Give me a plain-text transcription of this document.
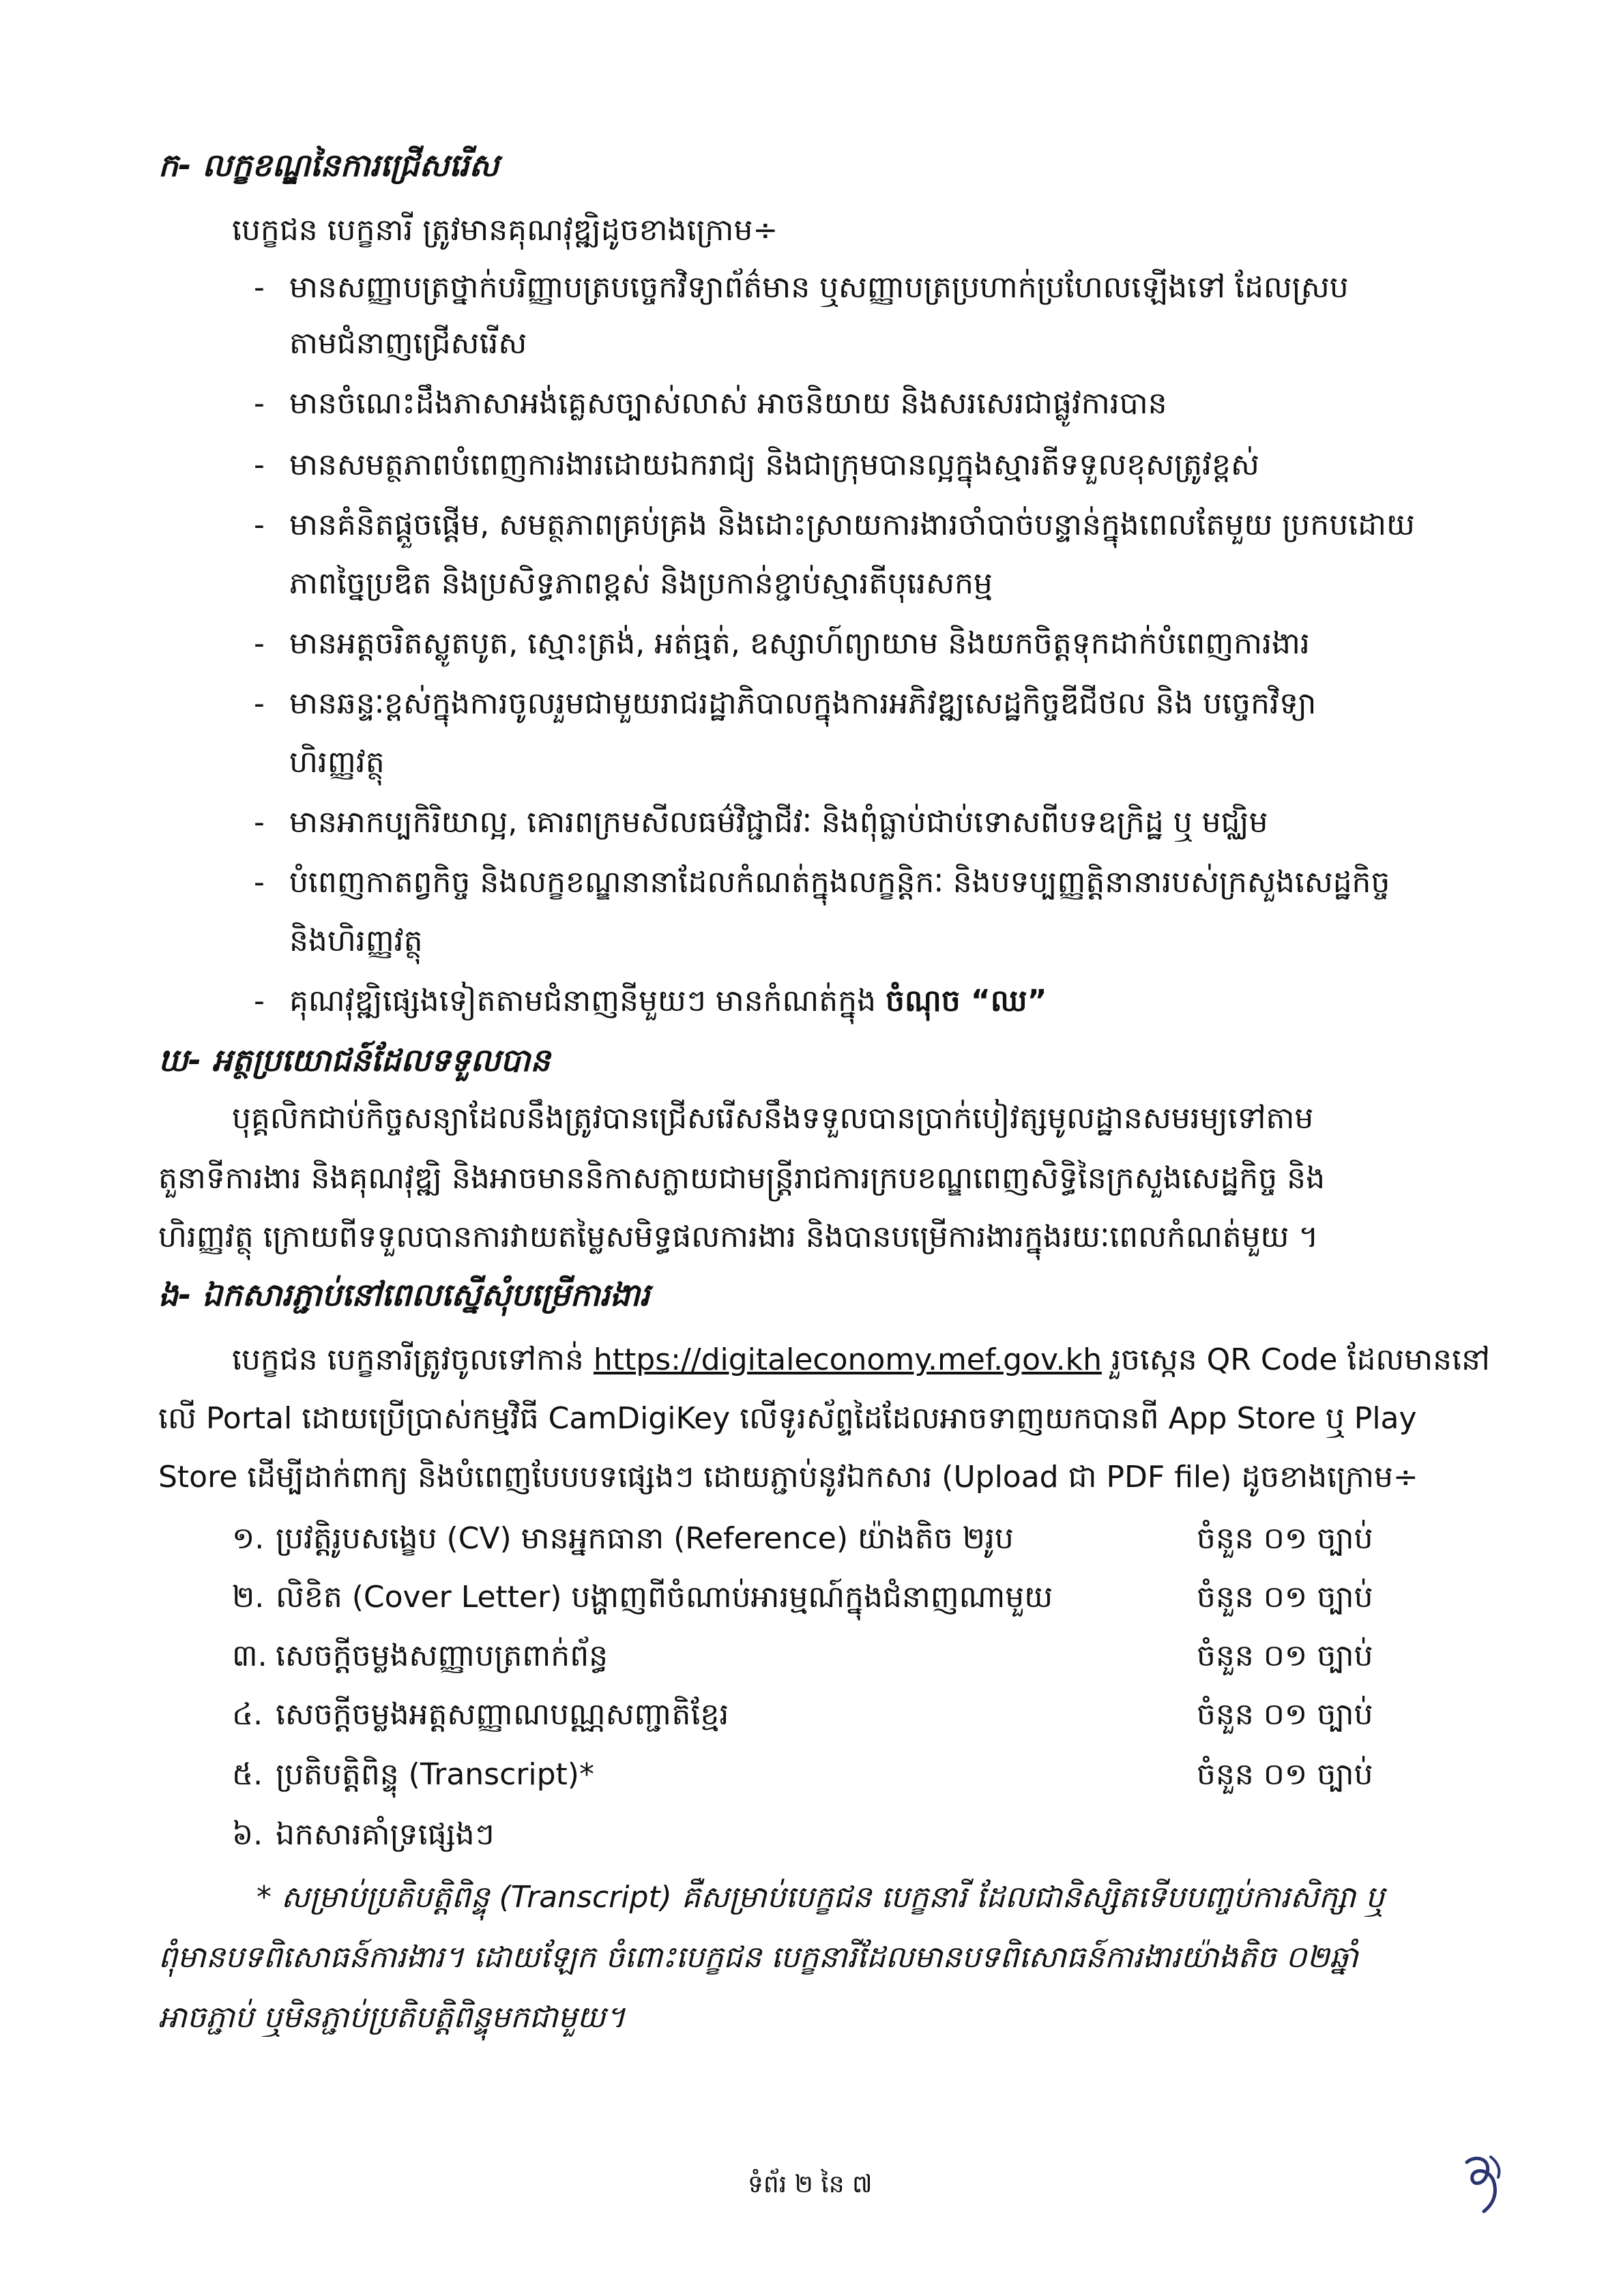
ក- លក្ខខណ្ឌនៃការជ្រើសរើស
បេក្ខជន បេក្ខនារី ត្រូវមានគុណវុឌ្ឍិដូចខាងក្រោម÷
- មានសញ្ញាបត្រថ្នាក់បរិញ្ញាបត្របច្ចេកវិទ្យាព័ត៌មាន ឬសញ្ញាបត្រប្រហាក់ប្រហែលឡើងទៅ ដែលស្រប
តាមជំនាញជ្រើសរើស
- មានចំណេះដឹងភាសាអង់គ្លេសច្បាស់លាស់ អាចនិយាយ និងសរសេរជាផ្លូវការបាន
- មានសមត្ថភាពបំពេញការងារដោយឯករាជ្យ និងជាក្រុមបានល្អក្នុងស្មារតីទទួលខុសត្រូវខ្ពស់
- មានគំនិតផ្តួចផ្តើម, សមត្ថភាពគ្រប់គ្រង និងដោះស្រាយការងារចាំបាច់បន្ទាន់ក្នុងពេលតែមួយ ប្រកបដោយ
ភាពច្នៃប្រឌិត និងប្រសិទ្ធភាពខ្ពស់ និងប្រកាន់ខ្ជាប់ស្មារតីបុរេសកម្ម
- មានអត្តចរិតស្លូតបូត, ស្មោះត្រង់, អត់ធ្មត់, ឧស្សាហ៍ព្យាយាម និងយកចិត្តទុកដាក់បំពេញការងារ
- មានឆន្ទៈខ្ពស់ក្នុងការចូលរួមជាមួយរាជរដ្ឋាភិបាលក្នុងការអភិវឌ្ឍសេដ្ឋកិច្ចឌីជីថល និង បច្ចេកវិទ្យា
ហិរញ្ញវត្ថុ
- មានអាកប្បកិរិយាល្អ, គោរពក្រមសីលធម៌វិជ្ជាជីវៈ និងពុំធ្លាប់ជាប់ទោសពីបទឧក្រិដ្ឋ ឬ មជ្ឈិម
- បំពេញកាតព្វកិច្ច និងលក្ខខណ្ឌនានាដែលកំណត់ក្នុងលក្ខន្តិកៈ និងបទប្បញ្ញត្តិនានារបស់ក្រសួងសេដ្ឋកិច្ច
និងហិរញ្ញវត្ថុ
- គុណវុឌ្ឍិផ្សេងទៀតតាមជំនាញនីមួយៗ មានកំណត់ក្នុង ចំណុច “ឈ”
ឃ- អត្ថប្រយោជន៍ដែលទទួលបាន
បុគ្គលិកជាប់កិច្ចសន្យាដែលនឹងត្រូវបានជ្រើសរើសនឹងទទួលបានប្រាក់បៀវត្សមូលដ្ឋានសមរម្យទៅតាម
តួនាទីការងារ និងគុណវុឌ្ឍិ និងអាចមាននិកាសក្លាយជាមន្ត្រីរាជការក្របខណ្ឌពេញសិទ្ធិនៃក្រសួងសេដ្ឋកិច្ច និង
ហិរញ្ញវត្ថុ ក្រោយពីទទួលបានការវាយតម្លៃសមិទ្ធផលការងារ និងបានបម្រើការងារក្នុងរយៈពេលកំណត់មួយ ។
ង- ឯកសារភ្ជាប់នៅពេលស្នើសុំបម្រើការងារ
បេក្ខជន បេក្ខនារីត្រូវចូលទៅកាន់ https://digitaleconomy.mef.gov.kh រួចស្កេន QR Code ដែលមាននៅ
លើ Portal ដោយប្រើប្រាស់កម្មវិធី CamDigiKey លើទូរស័ព្ទដៃដែលអាចទាញយកបានពី App Store ឬ Play
Store ដើម្បីដាក់ពាក្យ និងបំពេញបែបបទផ្សេងៗ ដោយភ្ជាប់នូវឯកសារ (Upload ជា PDF file) ដូចខាងក្រោម÷
១. ប្រវត្តិរូបសង្ខេប (CV) មានអ្នកធានា (Reference) យ៉ាងតិច ២រូប	ចំនួន ០១ ច្បាប់
២. លិខិត (Cover Letter) បង្ហាញពីចំណាប់អារម្មណ៍ក្នុងជំនាញណាមួយ	ចំនួន ០១ ច្បាប់
៣. សេចក្តីចម្លងសញ្ញាបត្រពាក់ព័ន្ធ	ចំនួន ០១ ច្បាប់
៤. សេចក្តីចម្លងអត្តសញ្ញាណបណ្ណសញ្ជាតិខ្មែរ	ចំនួន ០១ ច្បាប់
៥. ប្រតិបត្តិពិន្ទុ (Transcript)*	ចំនួន ០១ ច្បាប់
៦. ឯកសារគាំទ្រផ្សេងៗ
* សម្រាប់ប្រតិបត្តិពិន្ទុ (Transcript) គឺសម្រាប់បេក្ខជន បេក្ខនារី ដែលជានិស្សិតទើបបញ្ចប់ការសិក្សា ឬ
ពុំមានបទពិសោធន៍ការងារ។ ដោយឡែក ចំពោះបេក្ខជន បេក្ខនារីដែលមានបទពិសោធន៍ការងារយ៉ាងតិច ០២ឆ្នាំ
អាចភ្ជាប់ ឬមិនភ្ជាប់ប្រតិបត្តិពិន្ទុមកជាមួយ។
ទំព័រ ២ នៃ ៧
